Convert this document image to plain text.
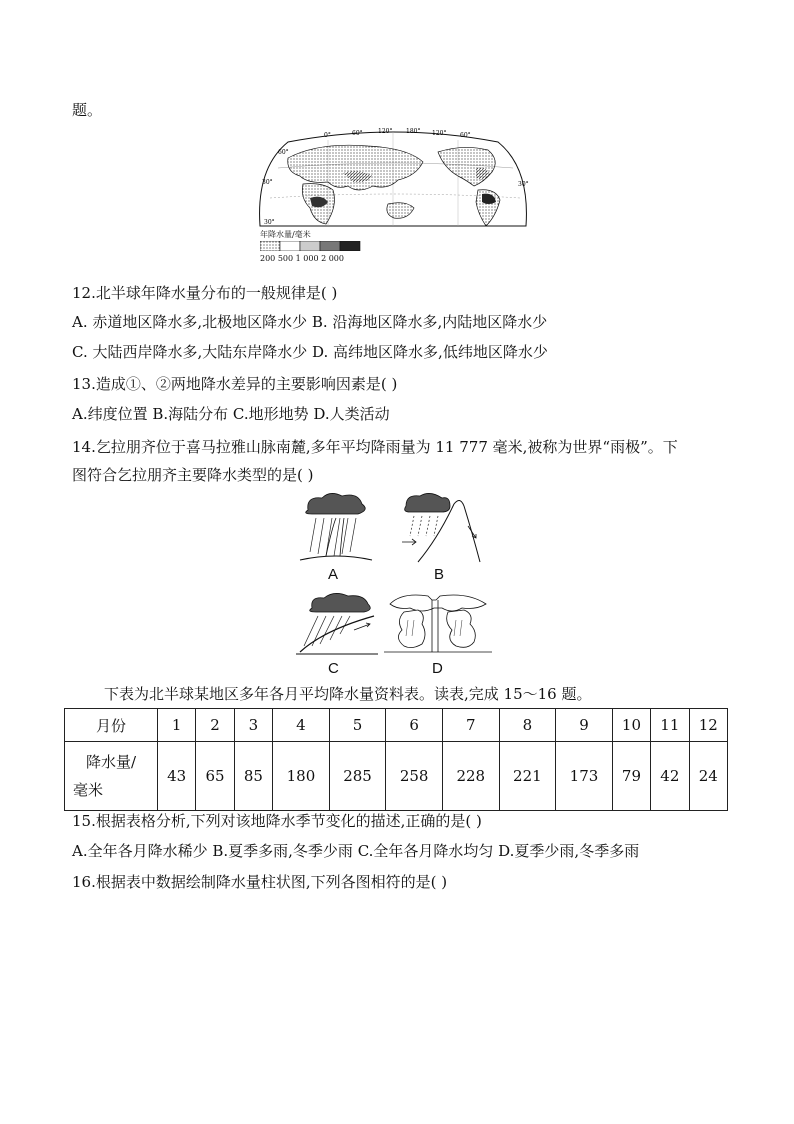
题。
0°	60°	120° 180° 120° 60°
60°
30°	30°
30°
年降水量/毫米
200 500 1 000 2 000
12.北半球年降水量分布的一般规律是( )
A. 赤道地区降水多,北极地区降水少 B. 沿海地区降水多,内陆地区降水少
C. 大陆西岸降水多,大陆东岸降水少 D. 高纬地区降水多,低纬地区降水少
13.造成①、②两地降水差异的主要影响因素是( )
A.纬度位置 B.海陆分布 C.地形地势 D.人类活动
14.乞拉朋齐位于喜马拉雅山脉南麓,多年平均降雨量为 11 777 毫米,被称为世界“雨极”。下
图符合乞拉朋齐主要降水类型的是( )
A	B
C	D
下表为北半球某地区多年各月平均降水量资料表。读表,完成 15～16 题。
月份	1	2	3	4	5	6	7	8	9	10	11	12

降水量/
毫米	43	65	85	180	285	258	228	221	173	79	42	24
15.根据表格分析,下列对该地降水季节变化的描述,正确的是( )
A.全年各月降水稀少 B.夏季多雨,冬季少雨 C.全年各月降水均匀 D.夏季少雨,冬季多雨
16.根据表中数据绘制降水量柱状图,下列各图相符的是( )
